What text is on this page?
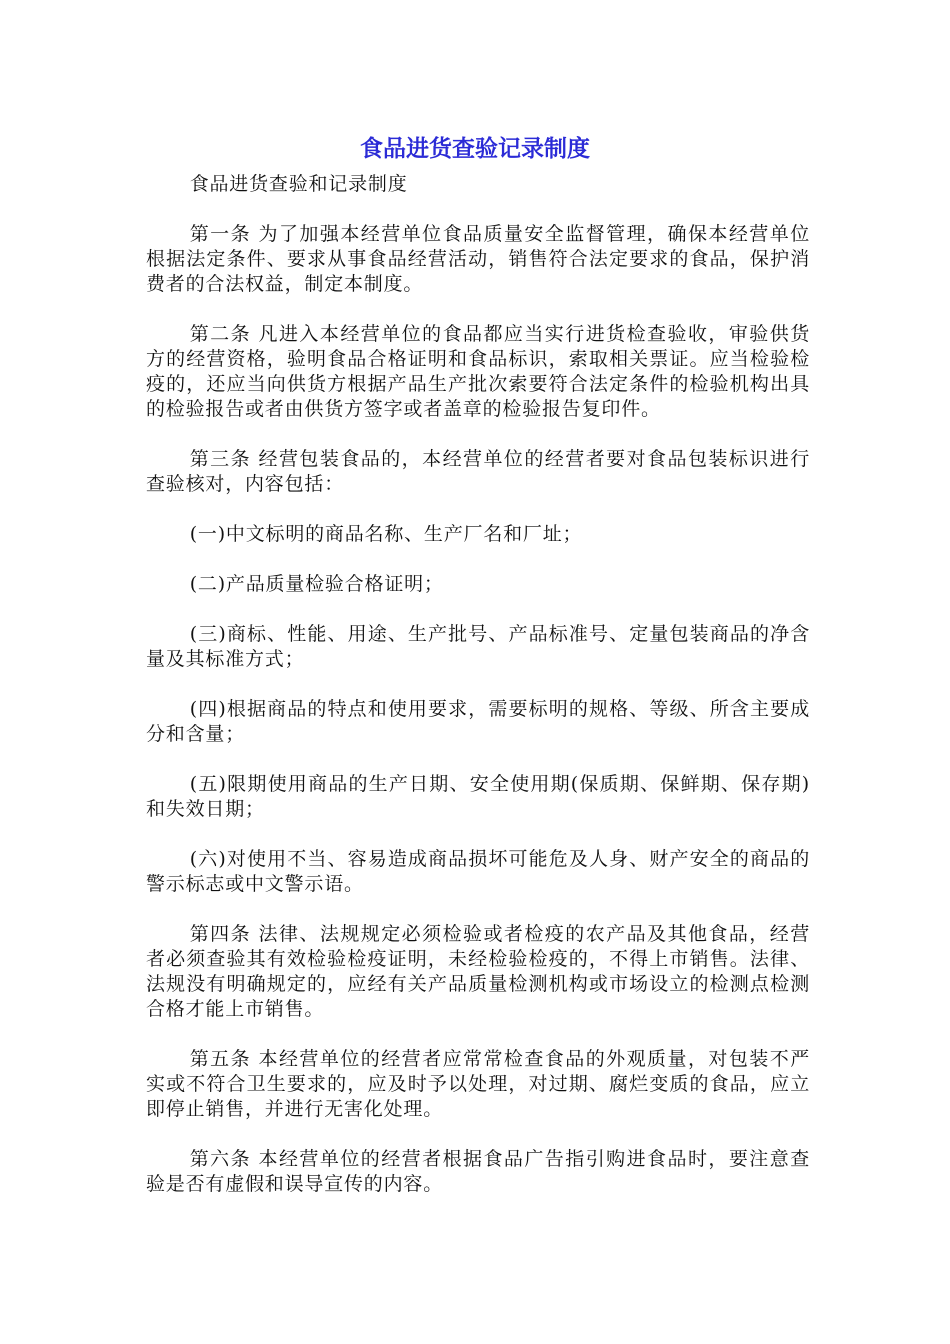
食品进货查验记录制度

食品进货查验和记录制度

第一条 为了加强本经营单位食品质量安全监督管理，确保本经营单位根据法定条件、要求从事食品经营活动，销售符合法定要求的食品，保护消费者的合法权益，制定本制度。

第二条 凡进入本经营单位的食品都应当实行进货检查验收，审验供货方的经营资格，验明食品合格证明和食品标识，索取相关票证。应当检验检疫的，还应当向供货方根据产品生产批次索要符合法定条件的检验机构出具的检验报告或者由供货方签字或者盖章的检验报告复印件。

第三条 经营包装食品的，本经营单位的经营者要对食品包装标识进行查验核对，内容包括：

(一)中文标明的商品名称、生产厂名和厂址；

(二)产品质量检验合格证明；

(三)商标、性能、用途、生产批号、产品标准号、定量包装商品的净含量及其标准方式；

(四)根据商品的特点和使用要求，需要标明的规格、等级、所含主要成分和含量；

(五)限期使用商品的生产日期、安全使用期(保质期、保鲜期、保存期)和失效日期；

(六)对使用不当、容易造成商品损坏可能危及人身、财产安全的商品的警示标志或中文警示语。

第四条 法律、法规规定必须检验或者检疫的农产品及其他食品，经营者必须查验其有效检验检疫证明，未经检验检疫的，不得上市销售。法律、法规没有明确规定的，应经有关产品质量检测机构或市场设立的检测点检测合格才能上市销售。

第五条 本经营单位的经营者应常常检查食品的外观质量，对包装不严实或不符合卫生要求的，应及时予以处理，对过期、腐烂变质的食品，应立即停止销售，并进行无害化处理。

第六条 本经营单位的经营者根据食品广告指引购进食品时，要注意查验是否有虚假和误导宣传的内容。
